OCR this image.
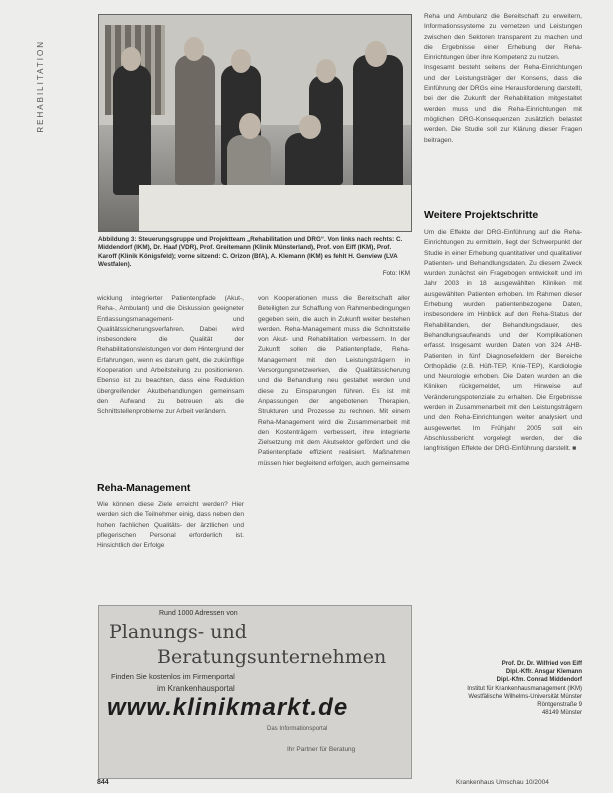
REHABILITATION
Abbildung 3: Steuerungsgruppe und Projektteam „Rehabilitation und DRG“. Von links nach rechts: C. Middendorf (IKM), Dr. Haaf (VDR), Prof. Greitemann (Klinik Münsterland), Prof. von Eiff (IKM), Prof. Karoff (Klinik Königsfeld); vorne sitzend: C. Orizon (BfA), A. Klemann (IKM) es fehlt H. Genview (LVA Westfalen).
Foto: IKM

wicklung integrierter Patientenpfade (Akut-, Reha-, Ambulant) und die Diskussion geeigneter Entlassungsmanagement- und Qualitätssicherungsverfahren. Dabei wird insbesondere die Qualität der Rehabilitationsleistungen vor dem Hintergrund der Erfahrungen, wenn es darum geht, die zukünftige Kooperation und Arbeitsteilung zu positionieren. Ebenso ist zu beachten, dass eine Reduktion übergreifender Akutbehandlungen gemeinsam den Aufwand zu betreuen als die Schnittstellenprobleme zur Arbeit verändern.

Reha-Management

Wie können diese Ziele erreicht werden? Hier werden sich die Teilnehmer einig, dass neben den hohen fachlichen Qualitäts- der ärztlichen und pflegerischen Personal erforderlich ist. Hinsichtlich der Erfolge

von Kooperationen muss die Bereitschaft aller Beteiligten zur Schaffung von Rahmenbedingungen gegeben sein, die auch in Zukunft weiter bestehen werden. Reha-Management muss die Schnittstelle von Akut- und Rehabilitation verbessern. In der Zukunft sollen die Patientenpfade, Reha-Management mit den Leistungsträgern in Versorgungsnetzwerken, die Qualitätssicherung und die Behandlung neu gestaltet werden und diese zu Einsparungen führen. Es ist mit Anpassungen der angebotenen Therapien, Strukturen und Prozesse zu rechnen. Mit einem Reha-Management wird die Zusammenarbeit mit den Kostenträgern verbessert, ihre integrierte Zielsetzung mit dem Akutsektor gefördert und die Patientenpfade effizient realisiert. Maßnahmen müssen hier begleitend erfolgen, auch gemeinsame

Reha und Ambulanz die Bereitschaft zu erweitern, Informationssysteme zu vernetzen und Leistungen zwischen den Sektoren transparent zu machen und die Ergebnisse einer Erhebung der Reha-Einrichtungen über ihre Kompetenz zu nutzen.

Insgesamt besteht seitens der Reha-Einrichtungen und der Leistungsträger der Konsens, dass die Einführung der DRGs eine Herausforderung darstellt, bei der die Zukunft der Rehabilitation mitgestaltet werden muss und die Reha-Einrichtungen mit möglichen DRG-Konsequenzen zusätzlich belastet werden. Die Studie soll zur Klärung dieser Fragen beitragen.

Weitere Projektschritte

Um die Effekte der DRG-Einführung auf die Reha-Einrichtungen zu ermitteln, liegt der Schwerpunkt der Studie in einer Erhebung quantitativer und qualitativer Patienten- und Behandlungsdaten. Zu diesem Zweck wurden zunächst ein Fragebogen entwickelt und im Jahr 2003 in 18 ausgewählten Kliniken mit ausgewählten Patienten erhoben. Im Rahmen dieser Erhebung wurden patientenbezogene Daten, insbesondere im Hinblick auf den Reha-Status der Rehabilitanden, der Behandlungsdauer, des Behandlungsaufwands und der Komplikationen erfasst. Insgesamt wurden Daten von 324 AHB-Patienten in fünf Diagnosefeldern der Bereiche Orthopädie (z.B. Hüft-TEP, Knie-TEP), Kardiologie und Neurologie erhoben. Die Daten wurden an die Kliniken rückgemeldet, um Hinweise auf Veränderungspotenziale zu erhalten. Die Ergebnisse werden in Zusammenarbeit mit den Leistungsträgern und den Reha-Einrichtungen weiter analysiert und ausgewertet. Im Frühjahr 2005 soll ein Abschlussbericht vorgelegt werden, der die langfristigen Effekte der DRG-Einführung darstellt. ■

Prof. Dr. Dr. Wilfried von Eiff
Dipl.-Kffr. Ansgar Klemann
Dipl.-Kfm. Conrad Middendorf
Institut für Krankenhausmanagement (IKM)
Westfälische Wilhelms-Universität Münster
Röntgenstraße 9
48149 Münster
Rund 1000 Adressen von
Planungs- und
Beratungsunternehmen
Finden Sie kostenlos im Firmenportal
im Krankenhausportal
www.klinikmarkt.de
Das Informationsportal
Ihr Partner für Beratung
844	Krankenhaus Umschau 10/2004
